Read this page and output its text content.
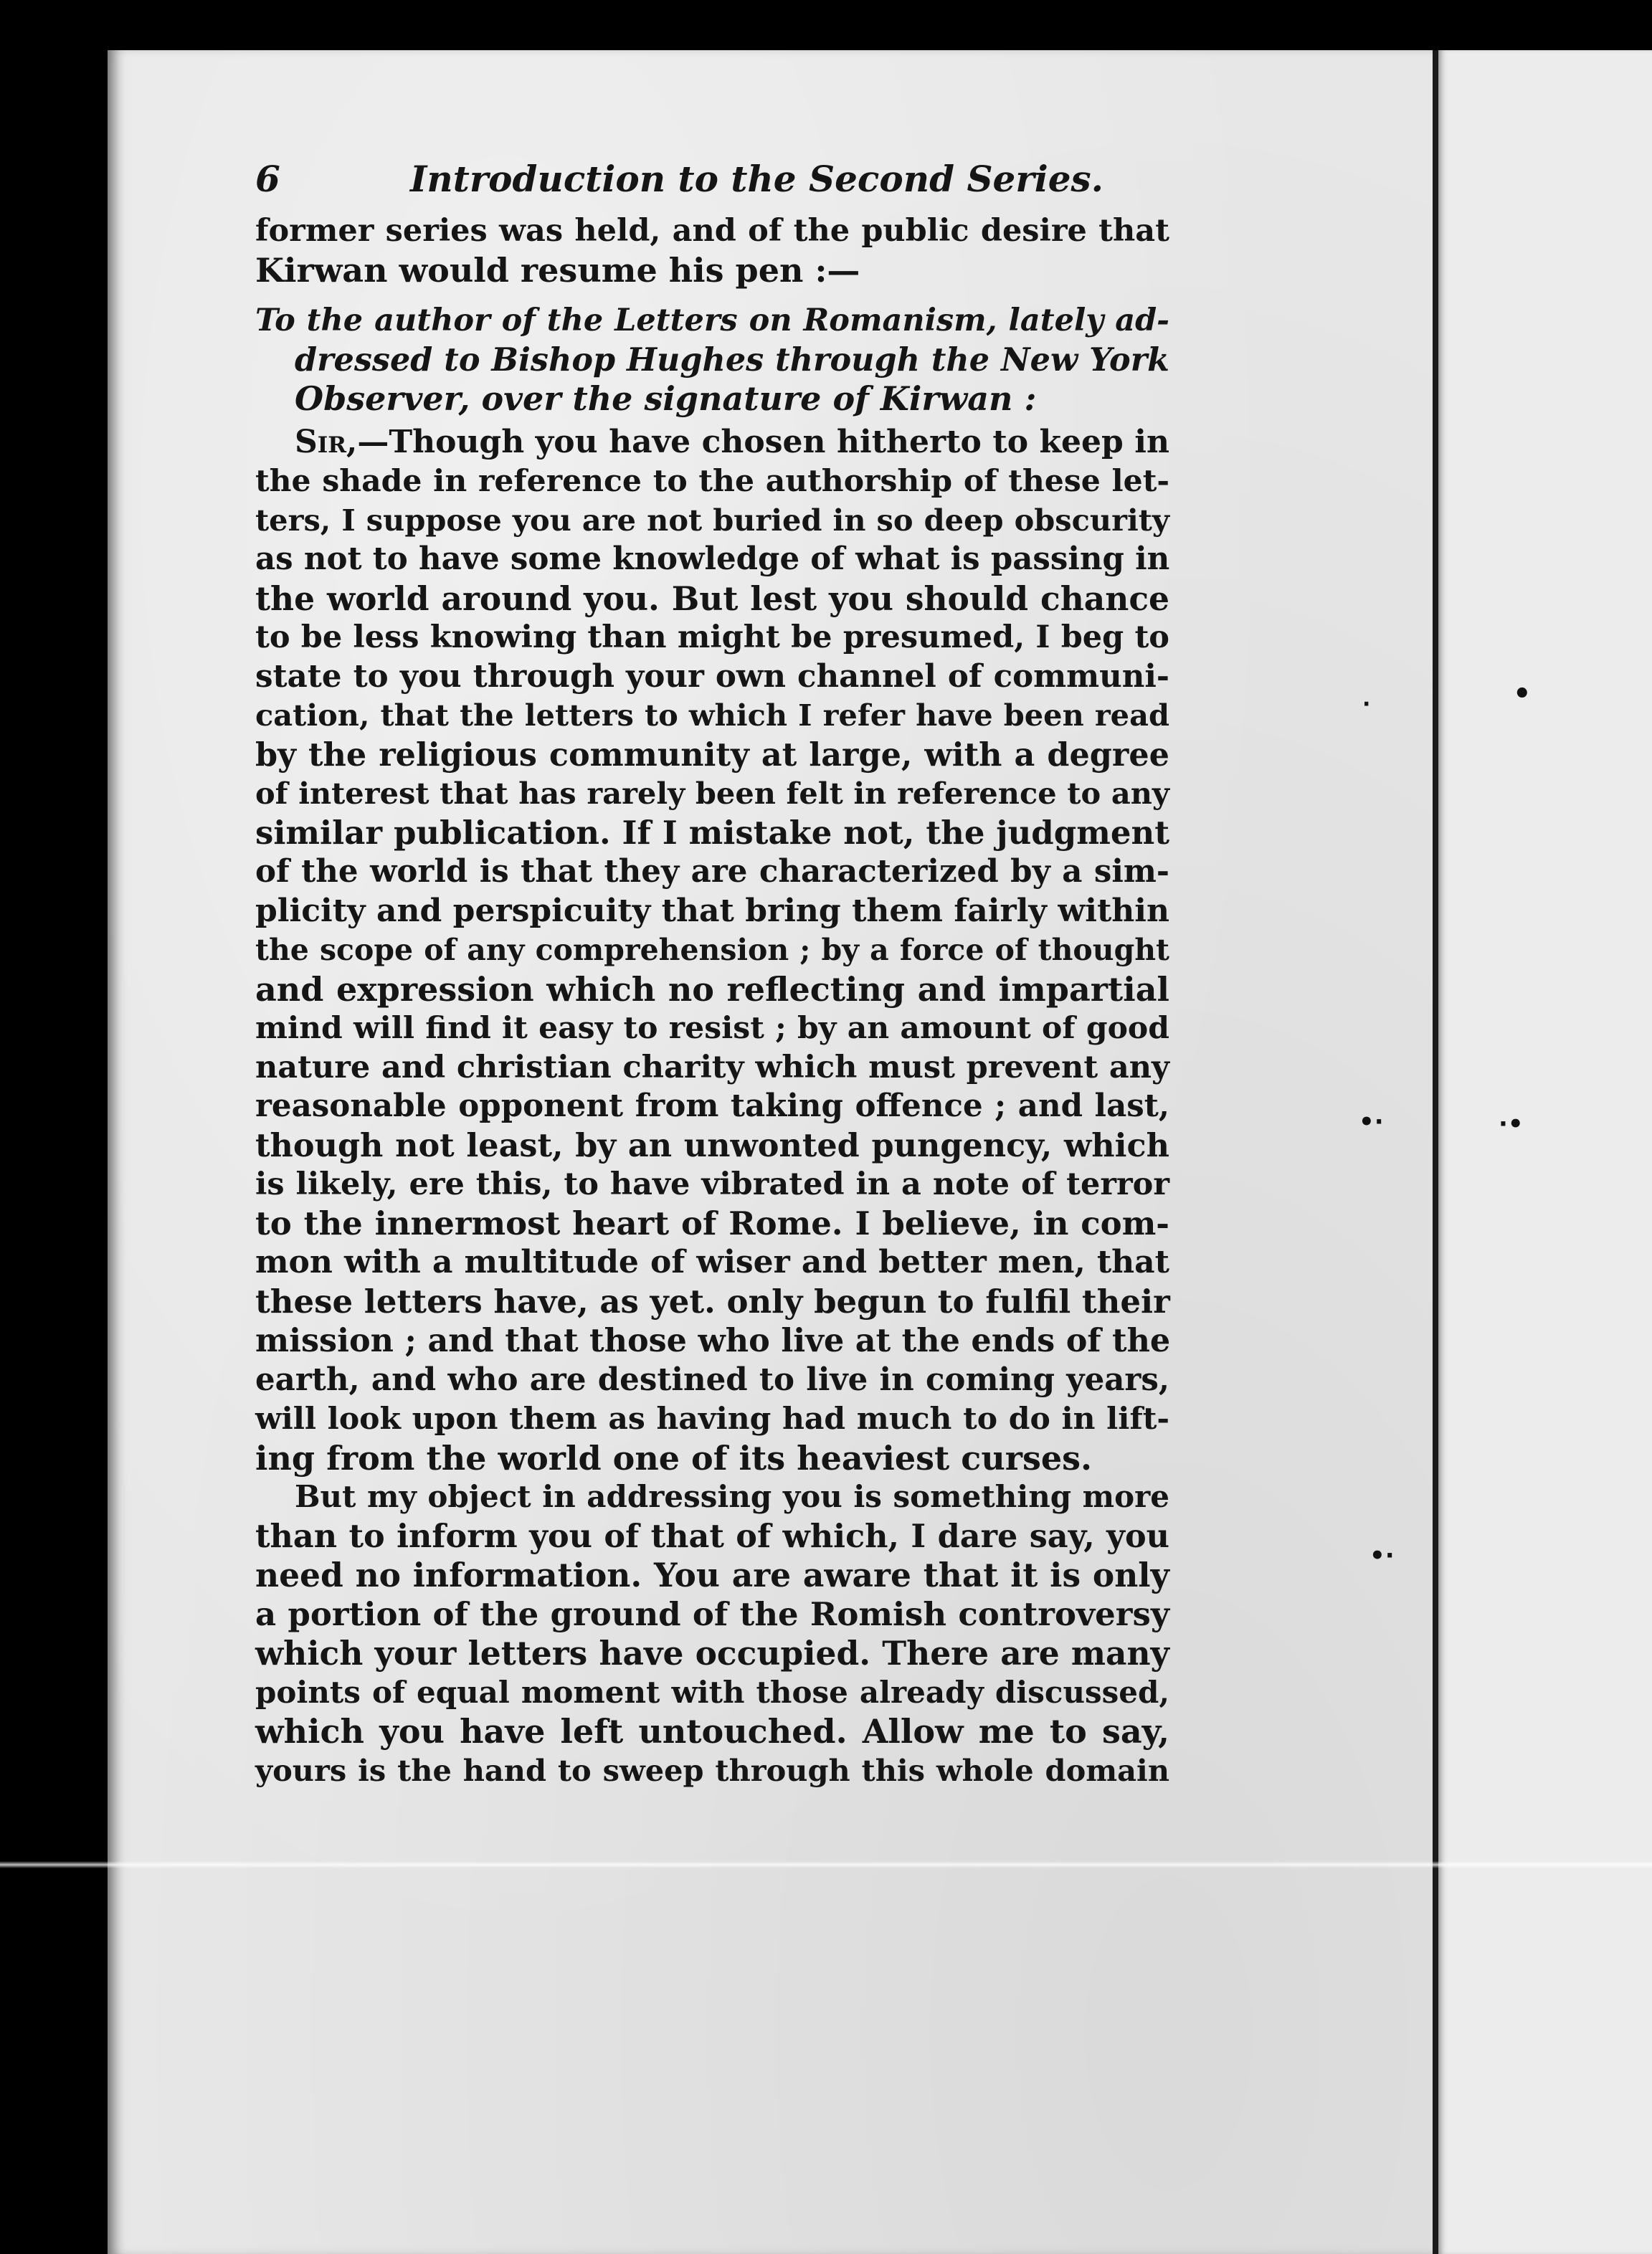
·	•
•·	·•
•·
6	Introduction to the Second Series.
former series was held, and of the public desire that
Kirwan would resume his pen :—
To the author of the Letters on Romanism, lately ad-
dressed to Bishop Hughes through the New York
Observer, over the signature of Kirwan :
Sir,—Though you have chosen hitherto to keep in
the shade in reference to the authorship of these let-
ters, I suppose you are not buried in so deep obscurity
as not to have some knowledge of what is passing in
the world around you. But lest you should chance
to be less knowing than might be presumed, I beg to
state to you through your own channel of communi-
cation, that the letters to which I refer have been read
by the religious community at large, with a degree
of interest that has rarely been felt in reference to any
similar publication. If I mistake not, the judgment
of the world is that they are characterized by a sim-
plicity and perspicuity that bring them fairly within
the scope of any comprehension ; by a force of thought
and expression which no reflecting and impartial
mind will find it easy to resist ; by an amount of good
nature and christian charity which must prevent any
reasonable opponent from taking offence ; and last,
though not least, by an unwonted pungency, which
is likely, ere this, to have vibrated in a note of terror
to the innermost heart of Rome. I believe, in com-
mon with a multitude of wiser and better men, that
these letters have, as yet. only begun to fulfil their
mission ; and that those who live at the ends of the
earth, and who are destined to live in coming years,
will look upon them as having had much to do in lift-
ing from the world one of its heaviest curses.
But my object in addressing you is something more
than to inform you of that of which, I dare say, you
need no information. You are aware that it is only
a portion of the ground of the Romish controversy
which your letters have occupied. There are many
points of equal moment with those already discussed,
which you have left untouched. Allow me to say,
yours is the hand to sweep through this whole domain
